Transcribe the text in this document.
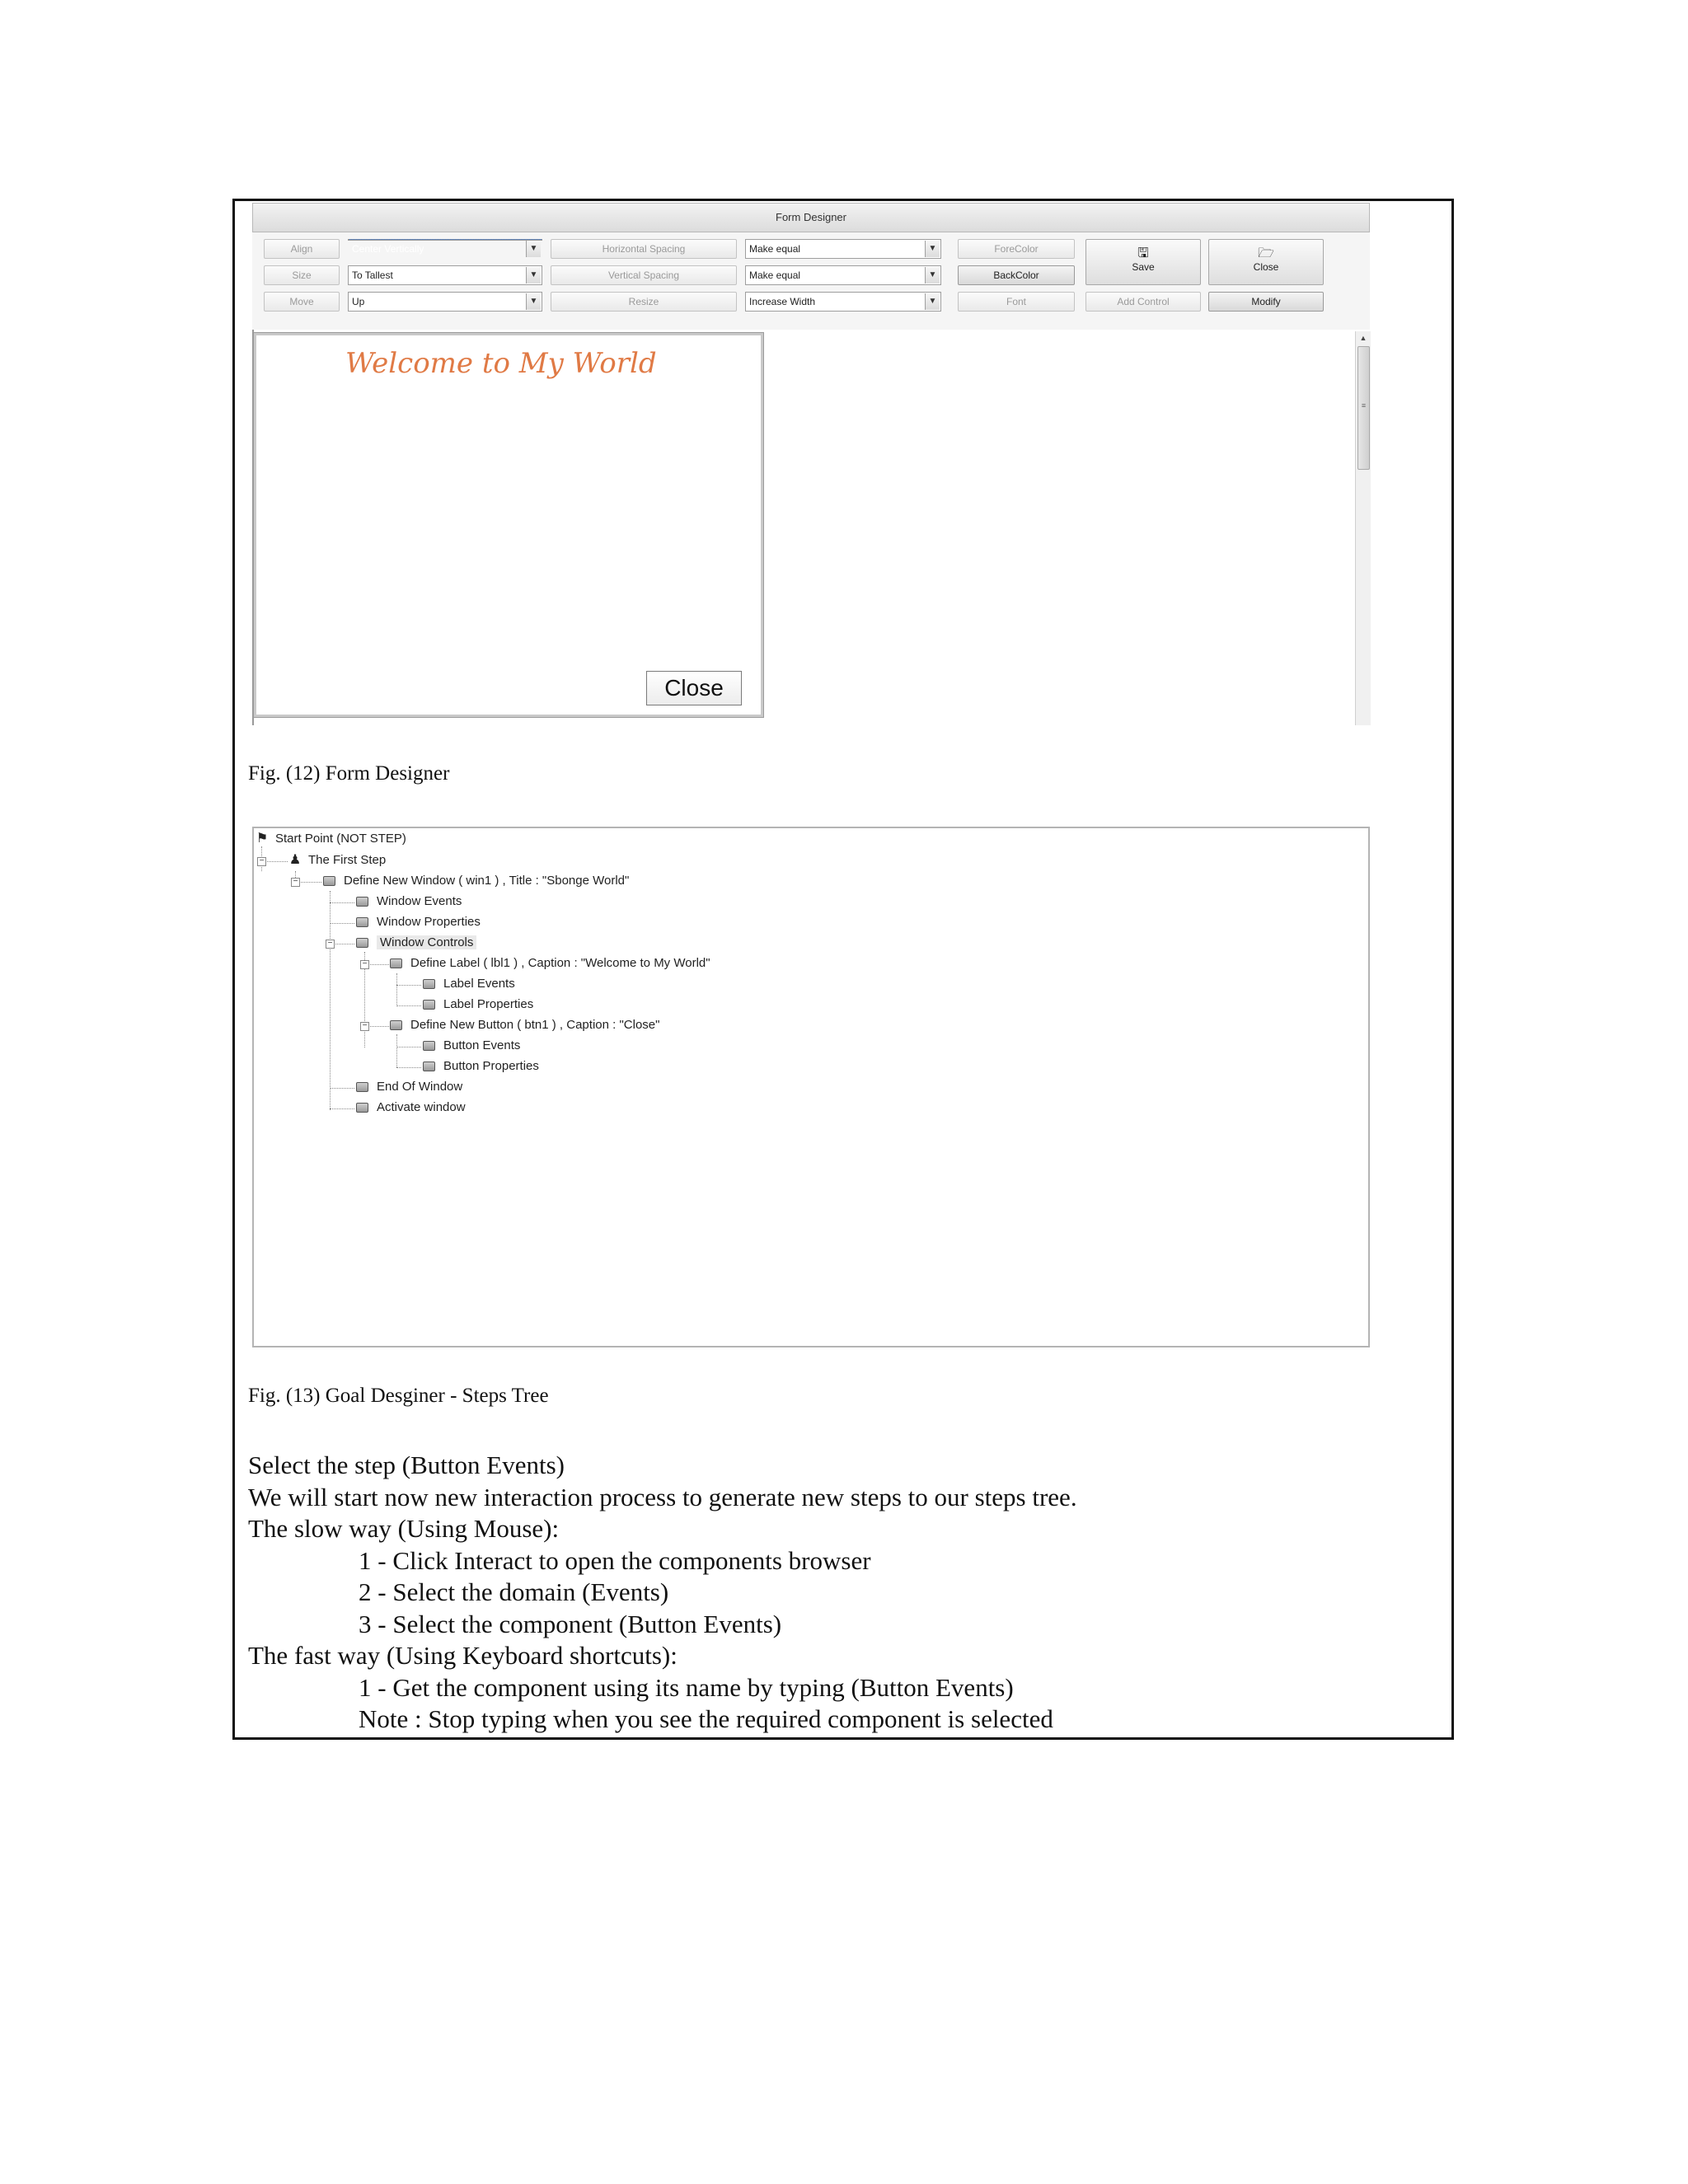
Form Designer
Align
Size
Move
Center Vertically	▼
To Tallest	▼
Up	▼
Horizontal Spacing
Vertical Spacing
Resize
Make equal	▼
Make equal	▼
Increase Width	▼
ForeColor
BackColor
Font
🖫
Save
🗁
Close
Add Control	Modify
Welcome to My World
Close
▲
≡
Fig. (12) Form Designer
−
−
−
−
−
⚑ Start Point (NOT STEP)
♟ The First Step
Define New Window ( win1 ) , Title : "Sbonge World"
Window Events
Window Properties
Window Controls
Define Label ( lbl1 ) , Caption : "Welcome to My World"
Label Events
Label Properties
Define New Button ( btn1 ) , Caption : "Close"
Button Events
Button Properties
End Of Window
Activate window
Fig. (13) Goal Desginer - Steps Tree
Select the step (Button Events)
We will start now new interaction process to generate new steps to our steps tree.
The slow way (Using Mouse):
1 - Click Interact to open the components browser
2 - Select the domain (Events)
3 - Select the component (Button Events)
The fast way (Using Keyboard shortcuts):
1 - Get the component using its name by typing (Button Events)
Note : Stop typing when you see the required component is selected
